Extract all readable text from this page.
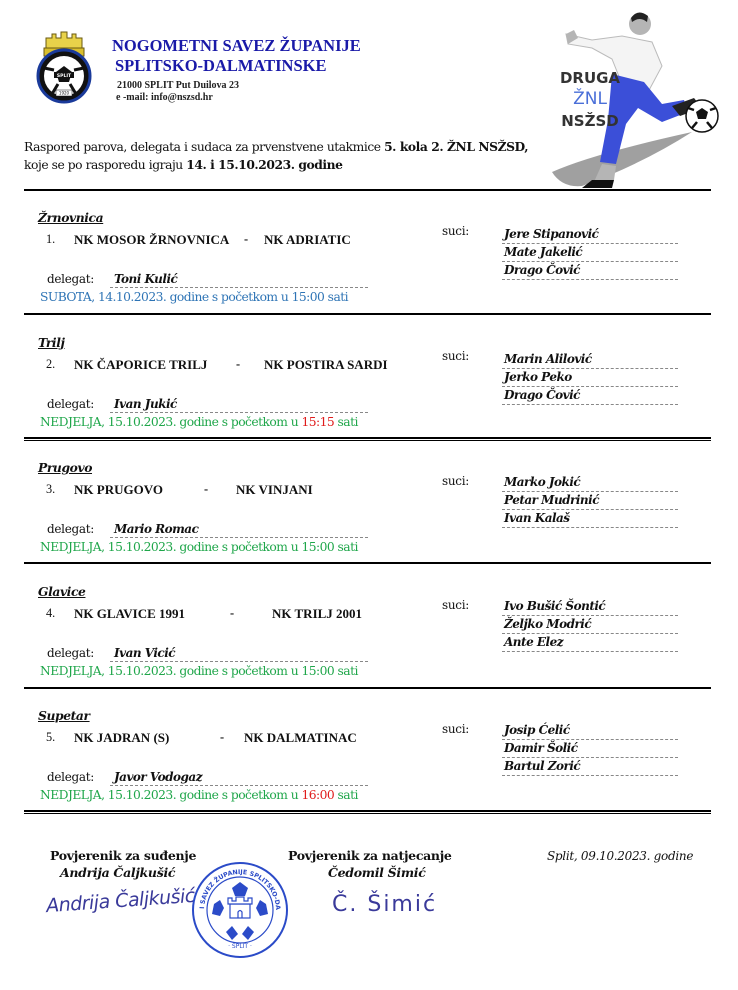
SPLIT
1920
NOGOMETNI SAVEZ ŽUPANIJE
SPLITSKO-DALMATINSKE
21000 SPLIT Put Duilova 23
e -mail: info@nszsd.hr
DRUGA
ŽNL
NSŽSD
Raspored parova, delegata i sudaca za prvenstvene utakmice 5. kola 2. ŽNL NSŽSD,
koje se po rasporedu igraju 14. i 15.10.2023. godine
Žrnovnica
1. NK MOSOR ŽRNOVNICA - NK ADRIATIC
suci:	Jere Stipanović
Mate Jakelić
Drago Čović
delegat:	Toni Kulić
SUBOTA, 14.10.2023. godine s početkom u 15:00 sati
Trilj
2. NK ČAPORICE TRILJ - NK POSTIRA SARDI
suci:	Marin Alilović
Jerko Peko
Drago Čović
delegat:	Ivan Jukić
NEDJELJA, 15.10.2023. godine s početkom u 15:15 sati
Prugovo
3. NK PRUGOVO	- NK VINJANI
suci:	Marko Jokić
Petar Mudrinić
Ivan Kalaš
delegat:	Mario Romac
NEDJELJA, 15.10.2023. godine s početkom u 15:00 sati
Glavice
4. NK GLAVICE 1991	-	NK TRILJ 2001
suci:	Ivo Bušić Šontić
Željko Modrić
Ante Elez
delegat:	Ivan Vicić
NEDJELJA, 15.10.2023. godine s početkom u 15:00 sati
Supetar
5. NK JADRAN (S)	- NK DALMATINAC
suci:	Josip Ćelić
Damir Šolić
Bartul Zorić
delegat:	Javor Vodogaz
NEDJELJA, 15.10.2023. godine s početkom u 16:00 sati
Povjerenik za suđenje
Andrija Čaljkušić
Andrija Čaljkušić
Povjerenik za natjecanje
Čedomil Šimić
Č. Šimić
Split, 09.10.2023. godine
I SAVEZ ŽUPANIJE SPLITSKO-DA
· SPLIT ·
